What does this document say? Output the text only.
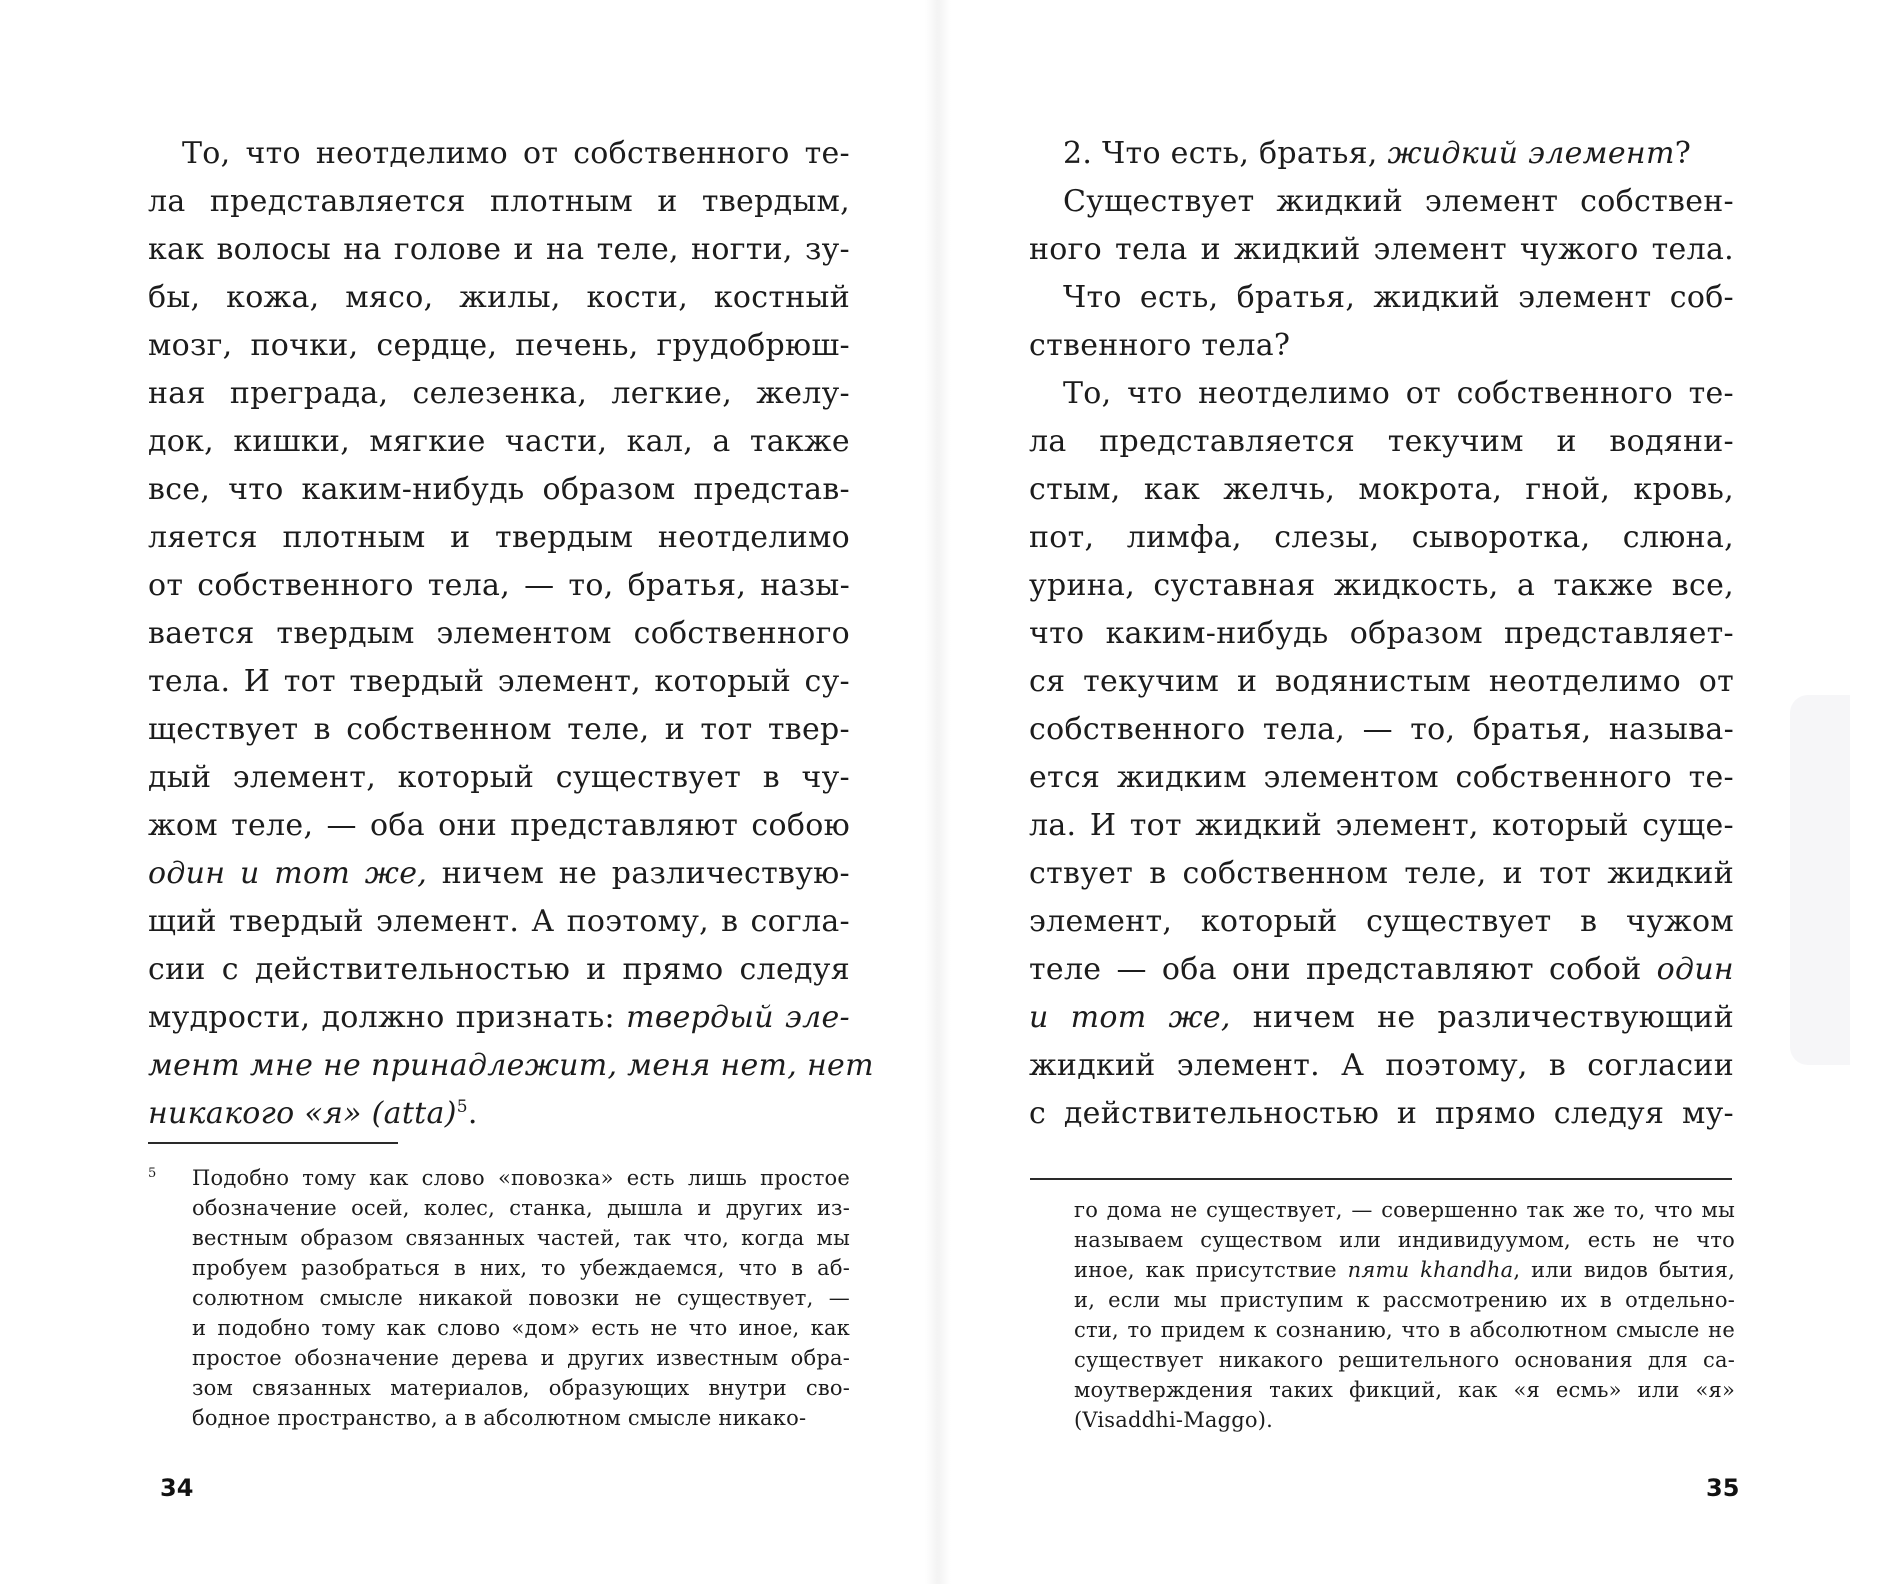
То, что неотделимо от собственного те-
ла представляется плотным и твердым,
как волосы на голове и на теле, ногти, зу-
бы, кожа, мясо, жилы, кости, костный
мозг, почки, сердце, печень, грудобрюш-
ная преграда, селезенка, легкие, желу-
док, кишки, мягкие части, кал, а также
все, что каким-нибудь образом представ-
ляется плотным и твердым неотделимо
от собственного тела, — то, братья, назы-
вается твердым элементом собственного
тела. И тот твердый элемент, который су-
ществует в собственном теле, и тот твер-
дый элемент, который существует в чу-
жом теле, — оба они представляют собою
один и тот же, ничем не различествую-
щий твердый элемент. А поэтому, в согла-
сии с действительностью и прямо следуя
мудрости, должно признать: твердый эле-
мент мне не принадлежит, меня нет, нет
никакого «я» (atta)$^5$.
5 Подобно тому как слово «повозка» есть лишь простое
обозначение осей, колес, станка, дышла и других из-
вестным образом связанных частей, так что, когда мы
пробуем разобраться в них, то убеждаемся, что в аб-
солютном смысле никакой повозки не существует, —
и подобно тому как слово «дом» есть не что иное, как
простое обозначение дерева и других известным обра-
зом связанных материалов, образующих внутри сво-
бодное пространство, а в абсолютном смысле никако-
34
2. Что есть, братья, жидкий элемент?
Существует жидкий элемент собствен-
ного тела и жидкий элемент чужого тела.
Что есть, братья, жидкий элемент соб-
ственного тела?
То, что неотделимо от собственного те-
ла представляется текучим и водяни-
стым, как желчь, мокрота, гной, кровь,
пот, лимфа, слезы, сыворотка, слюна,
урина, суставная жидкость, а также все,
что каким-нибудь образом представляет-
ся текучим и водянистым неотделимо от
собственного тела, — то, братья, называ-
ется жидким элементом собственного те-
ла. И тот жидкий элемент, который суще-
ствует в собственном теле, и тот жидкий
элемент, который существует в чужом
теле — оба они представляют собой один
и тот же, ничем не различествующий
жидкий элемент. А поэтому, в согласии
с действительностью и прямо следуя му-
го дома не существует, — совершенно так же то, что мы
называем существом или индивидуумом, есть не что
иное, как присутствие пяти khandha, или видов бытия,
и, если мы приступим к рассмотрению их в отдельно-
сти, то придем к сознанию, что в абсолютном смысле не
существует никакого решительного основания для са-
моутверждения таких фикций, как «я есмь» или «я»
(Visaddhi-Maggo).
35
